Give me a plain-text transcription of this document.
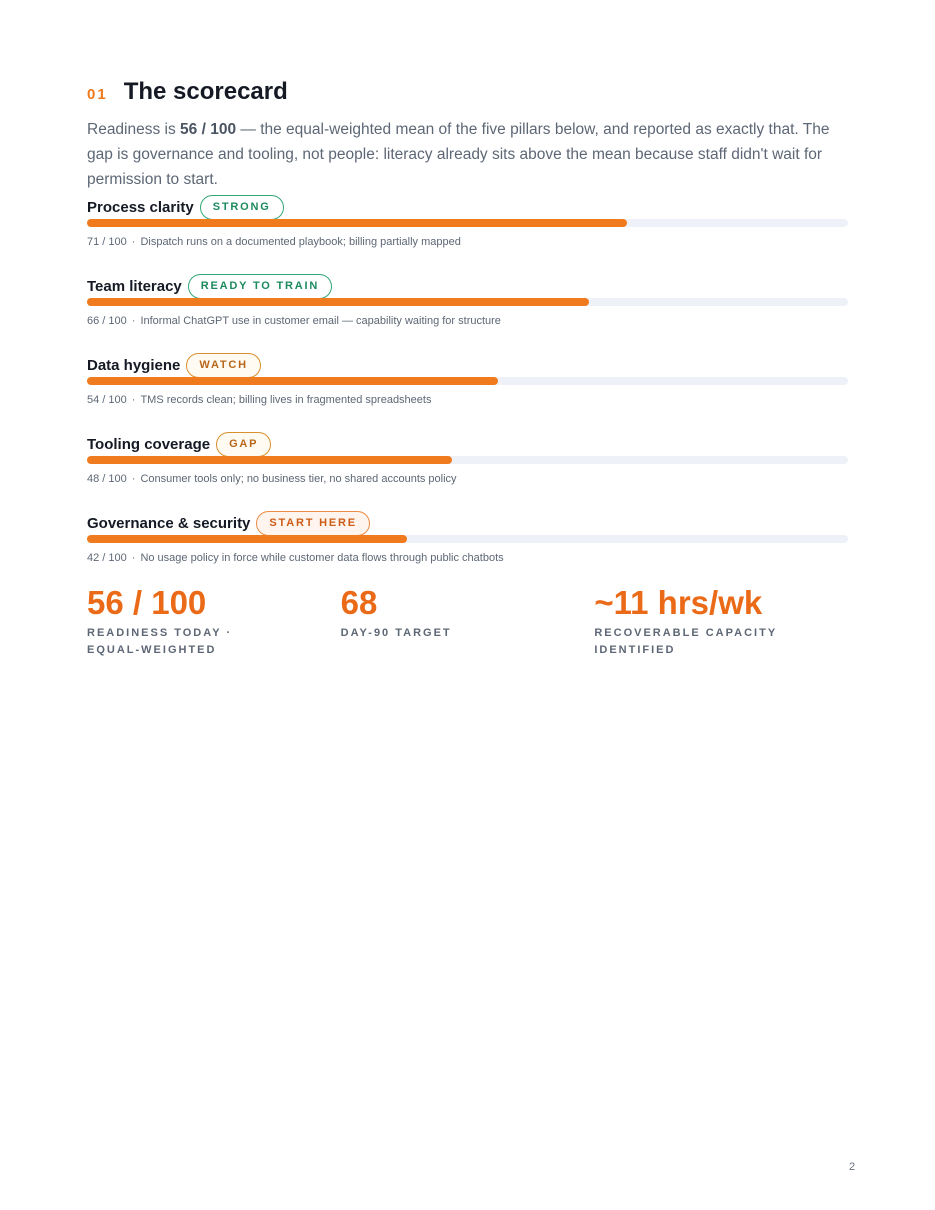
01 The scorecard

Readiness is 56 / 100 — the equal-weighted mean of the five pillars below, and reported as exactly that. The gap is governance and tooling, not people: literacy already sits above the mean because staff didn't wait for permission to start.

Process clarity	STRONG
71 / 100 · Dispatch runs on a documented playbook; billing partially mapped
Team literacy	READY TO TRAIN
66 / 100 · Informal ChatGPT use in customer email — capability waiting for structure
Data hygiene	WATCH
54 / 100 · TMS records clean; billing lives in fragmented spreadsheets
Tooling coverage	GAP
48 / 100 · Consumer tools only; no business tier, no shared accounts policy
Governance & security	START HERE
42 / 100 · No usage policy in force while customer data flows through public chatbots
56 / 100
READINESS TODAY · EQUAL-WEIGHTED
68
DAY-90 TARGET
~11 hrs/wk
RECOVERABLE CAPACITY IDENTIFIED
2
